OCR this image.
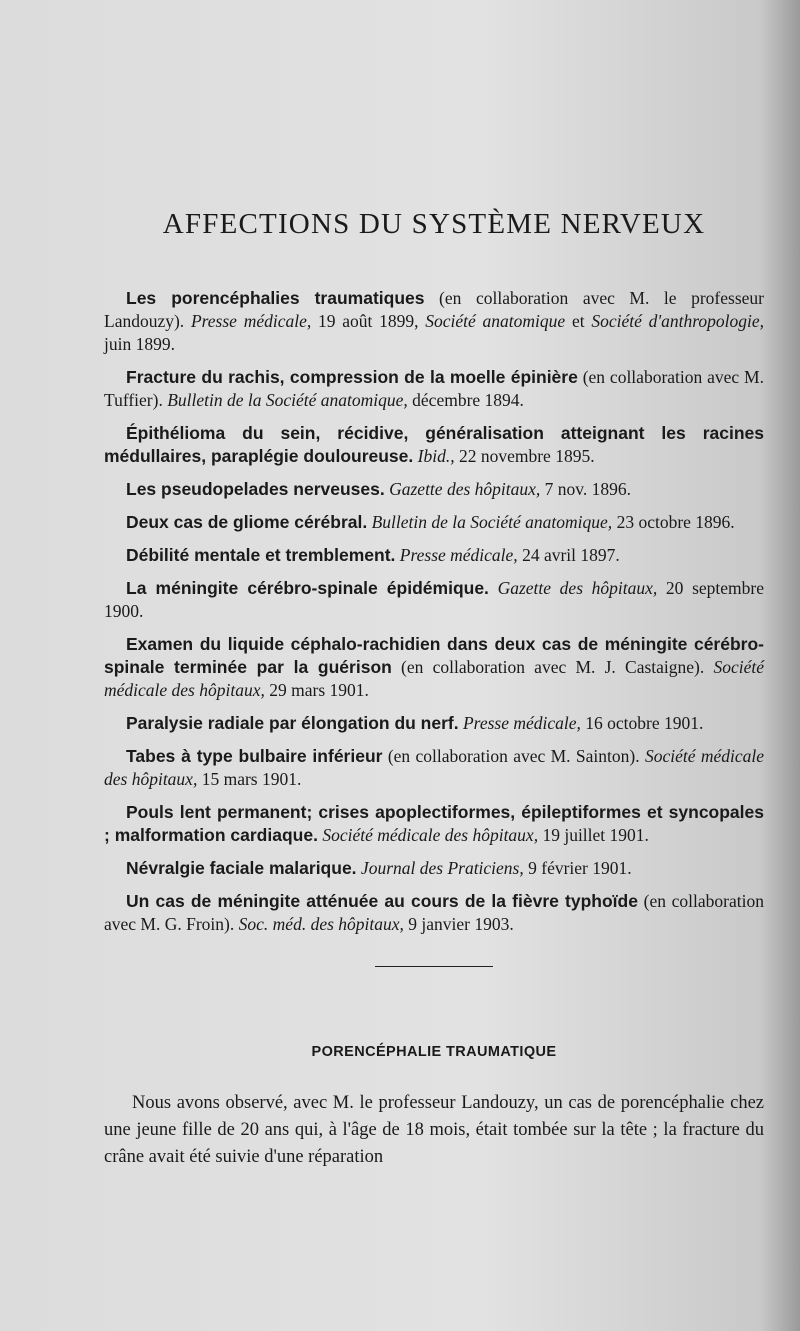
AFFECTIONS DU SYSTÈME NERVEUX
Les porencéphalies traumatiques (en collaboration avec M. le professeur Landouzy). Presse médicale, 19 août 1899, Société anatomique et Société d'anthropologie, juin 1899.
Fracture du rachis, compression de la moelle épinière (en collaboration avec M. Tuffier). Bulletin de la Société anatomique, décembre 1894.
Épithélioma du sein, récidive, généralisation atteignant les racines médullaires, paraplégie douloureuse. Ibid., 22 novembre 1895.
Les pseudopelades nerveuses. Gazette des hôpitaux, 7 nov. 1896.
Deux cas de gliome cérébral. Bulletin de la Société anatomique, 23 octobre 1896.
Débilité mentale et tremblement. Presse médicale, 24 avril 1897.
La méningite cérébro-spinale épidémique. Gazette des hôpitaux, 20 septembre 1900.
Examen du liquide céphalo-rachidien dans deux cas de méningite cérébro-spinale terminée par la guérison (en collaboration avec M. J. Castaigne). Société médicale des hôpitaux, 29 mars 1901.
Paralysie radiale par élongation du nerf. Presse médicale, 16 octobre 1901.
Tabes à type bulbaire inférieur (en collaboration avec M. Sainton). Société médicale des hôpitaux, 15 mars 1901.
Pouls lent permanent; crises apoplectiformes, épileptiformes et syncopales ; malformation cardiaque. Société médicale des hôpitaux, 19 juillet 1901.
Névralgie faciale malarique. Journal des Praticiens, 9 février 1901.
Un cas de méningite atténuée au cours de la fièvre typhoïde (en collaboration avec M. G. Froin). Soc. méd. des hôpitaux, 9 janvier 1903.
PORENCÉPHALIE TRAUMATIQUE

Nous avons observé, avec M. le professeur Landouzy, un cas de porencéphalie chez une jeune fille de 20 ans qui, à l'âge de 18 mois, était tombée sur la tête ; la fracture du crâne avait été suivie d'une réparation
